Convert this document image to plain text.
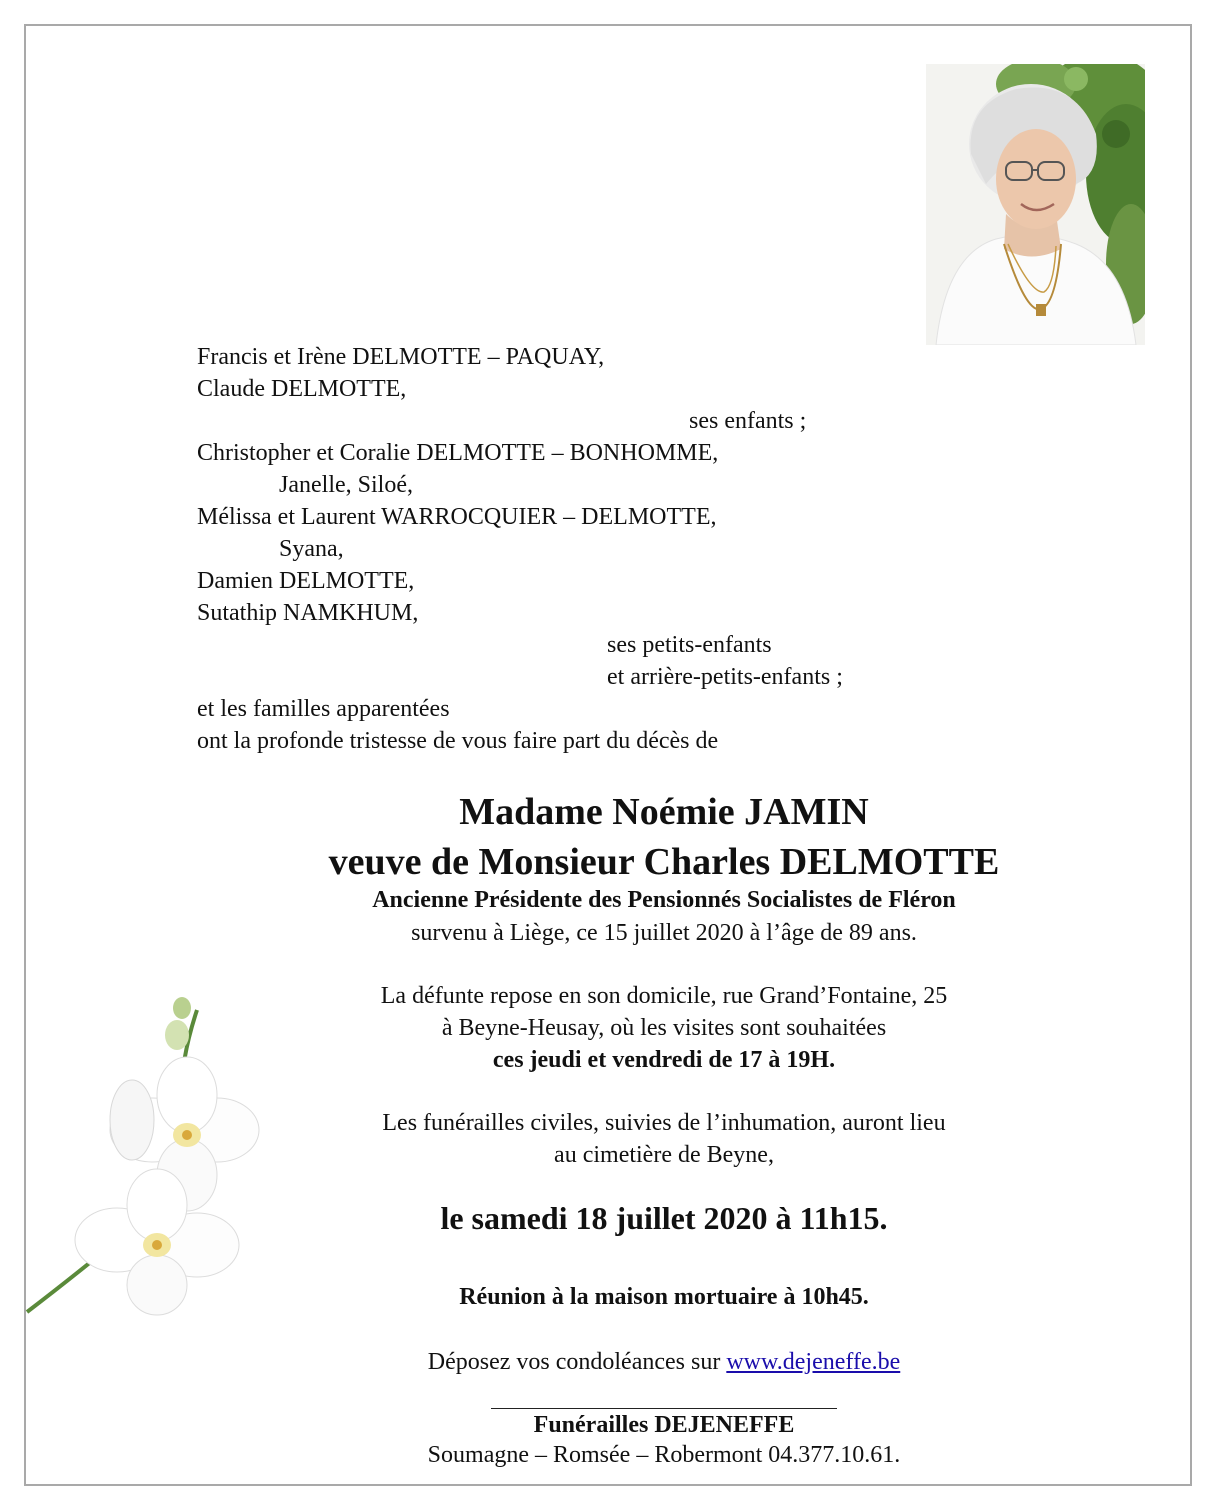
Francis et Irène DELMOTTE – PAQUAY,
Claude DELMOTTE,
ses enfants ;
Christopher et Coralie DELMOTTE – BONHOMME,
Janelle, Siloé,
Mélissa et Laurent WARROCQUIER – DELMOTTE,
Syana,
Damien DELMOTTE,
Sutathip NAMKHUM,
ses petits-enfants
et arrière-petits-enfants ;
et les familles apparentées
ont la profonde tristesse de vous faire part du décès de
Madame Noémie JAMIN
veuve de Monsieur Charles DELMOTTE
Ancienne Présidente des Pensionnés Socialistes de Fléron
survenu à Liège, ce 15 juillet 2020 à l’âge de 89 ans.
La défunte repose en son domicile, rue Grand’Fontaine, 25
à Beyne-Heusay, où les visites sont souhaitées
ces jeudi et vendredi de 17 à 19H.
Les funérailles civiles, suivies de l’inhumation, auront lieu
au cimetière de Beyne,
le samedi 18 juillet 2020 à 11h15.
Réunion à la maison mortuaire à 10h45.
Déposez vos condoléances sur www.dejeneffe.be
Funérailles DEJENEFFE
Soumagne – Romsée – Robermont 04.377.10.61.
